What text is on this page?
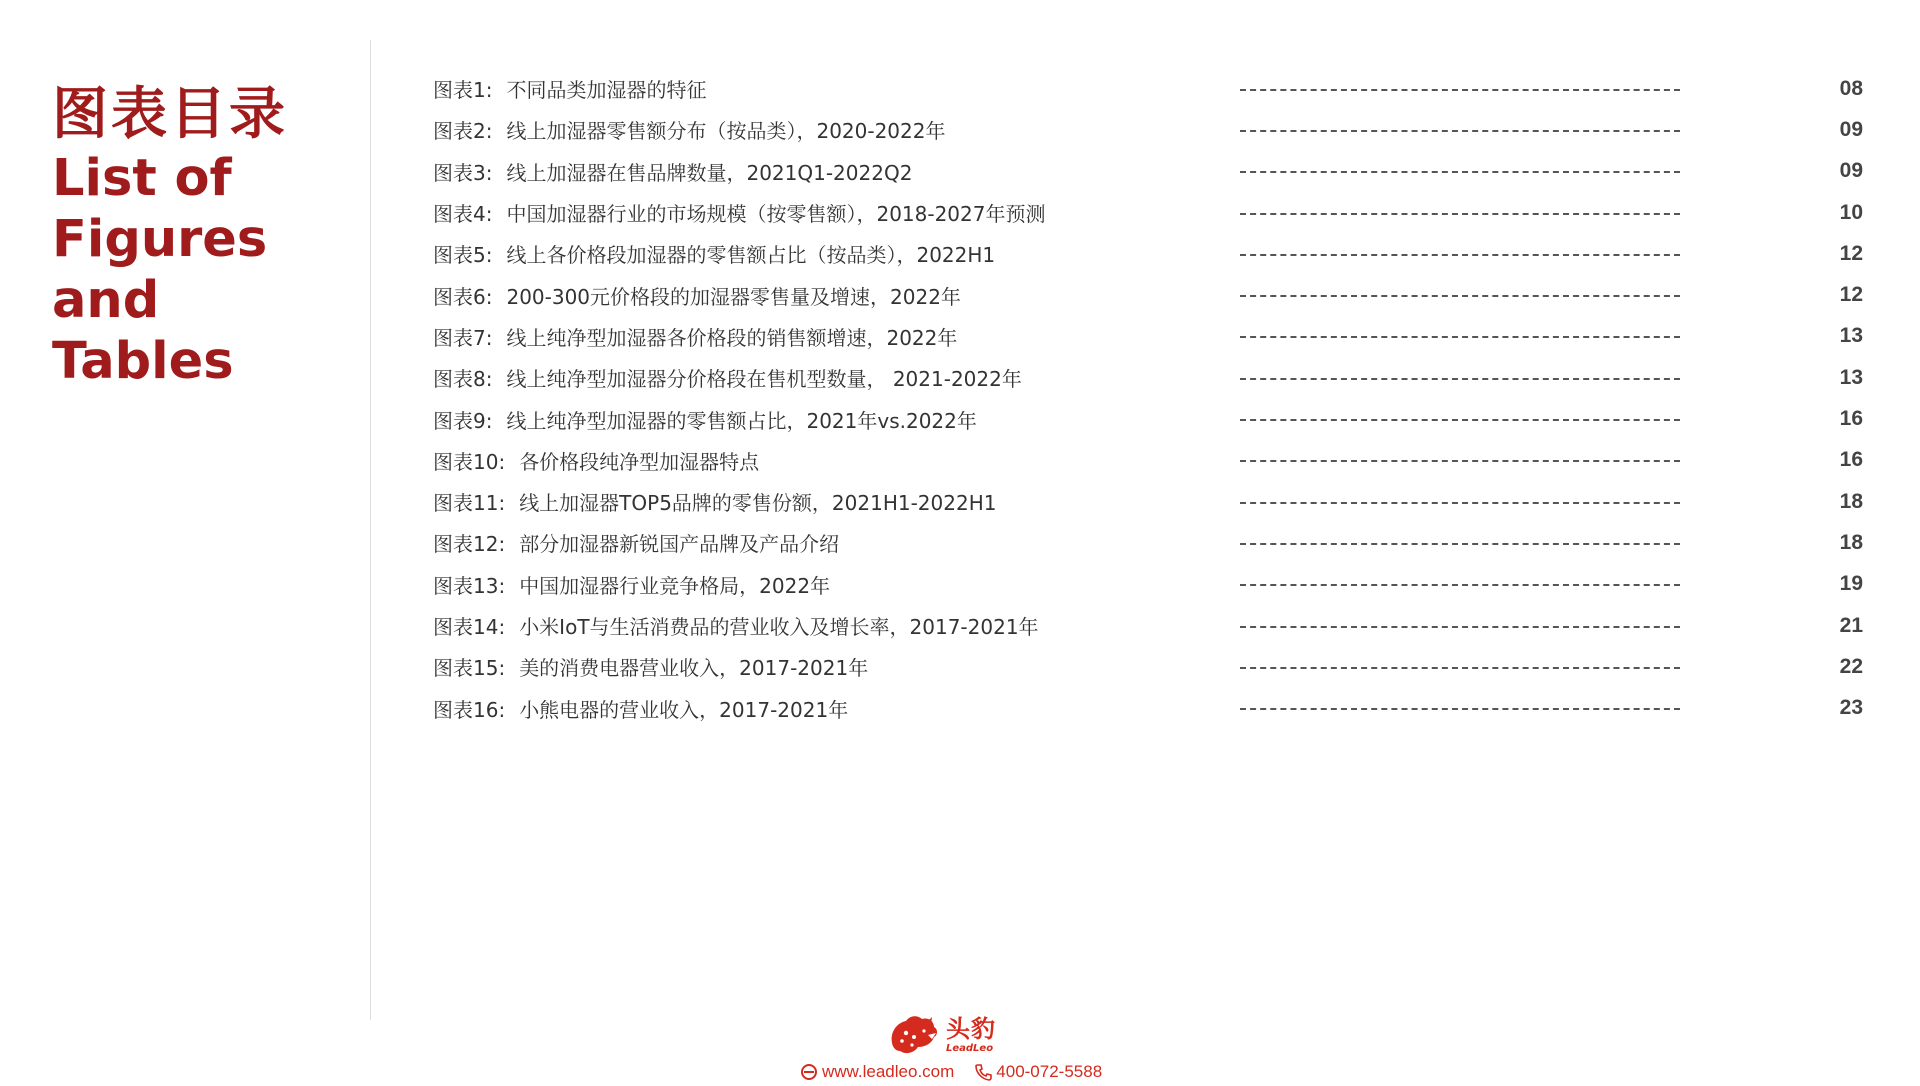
图表目录
List of
Figures
and Tables
图表1: 不同品类加湿器的特征	08
图表2: 线上加湿器零售额分布（按品类），2020-2022年	09
图表3: 线上加湿器在售品牌数量，2021Q1-2022Q2	09
图表4: 中国加湿器行业的市场规模（按零售额），2018-2027年预测	10
图表5: 线上各价格段加湿器的零售额占比（按品类），2022H1	12
图表6: 200-300元价格段的加湿器零售量及增速，2022年	12
图表7: 线上纯净型加湿器各价格段的销售额增速，2022年	13
图表8: 线上纯净型加湿器分价格段在售机型数量， 2021-2022年	13
图表9: 线上纯净型加湿器的零售额占比，2021年vs.2022年	16
图表10: 各价格段纯净型加湿器特点	16
图表11: 线上加湿器TOP5品牌的零售份额，2021H1-2022H1	18
图表12: 部分加湿器新锐国产品牌及产品介绍	18
图表13: 中国加湿器行业竞争格局，2022年	19
图表14: 小米IoT与生活消费品的营业收入及增长率，2017-2021年	21
图表15: 美的消费电器营业收入，2017-2021年	22
图表16: 小熊电器的营业收入，2017-2021年	23
头豹
LeadLeo
www.leadleo.com 400-072-5588
